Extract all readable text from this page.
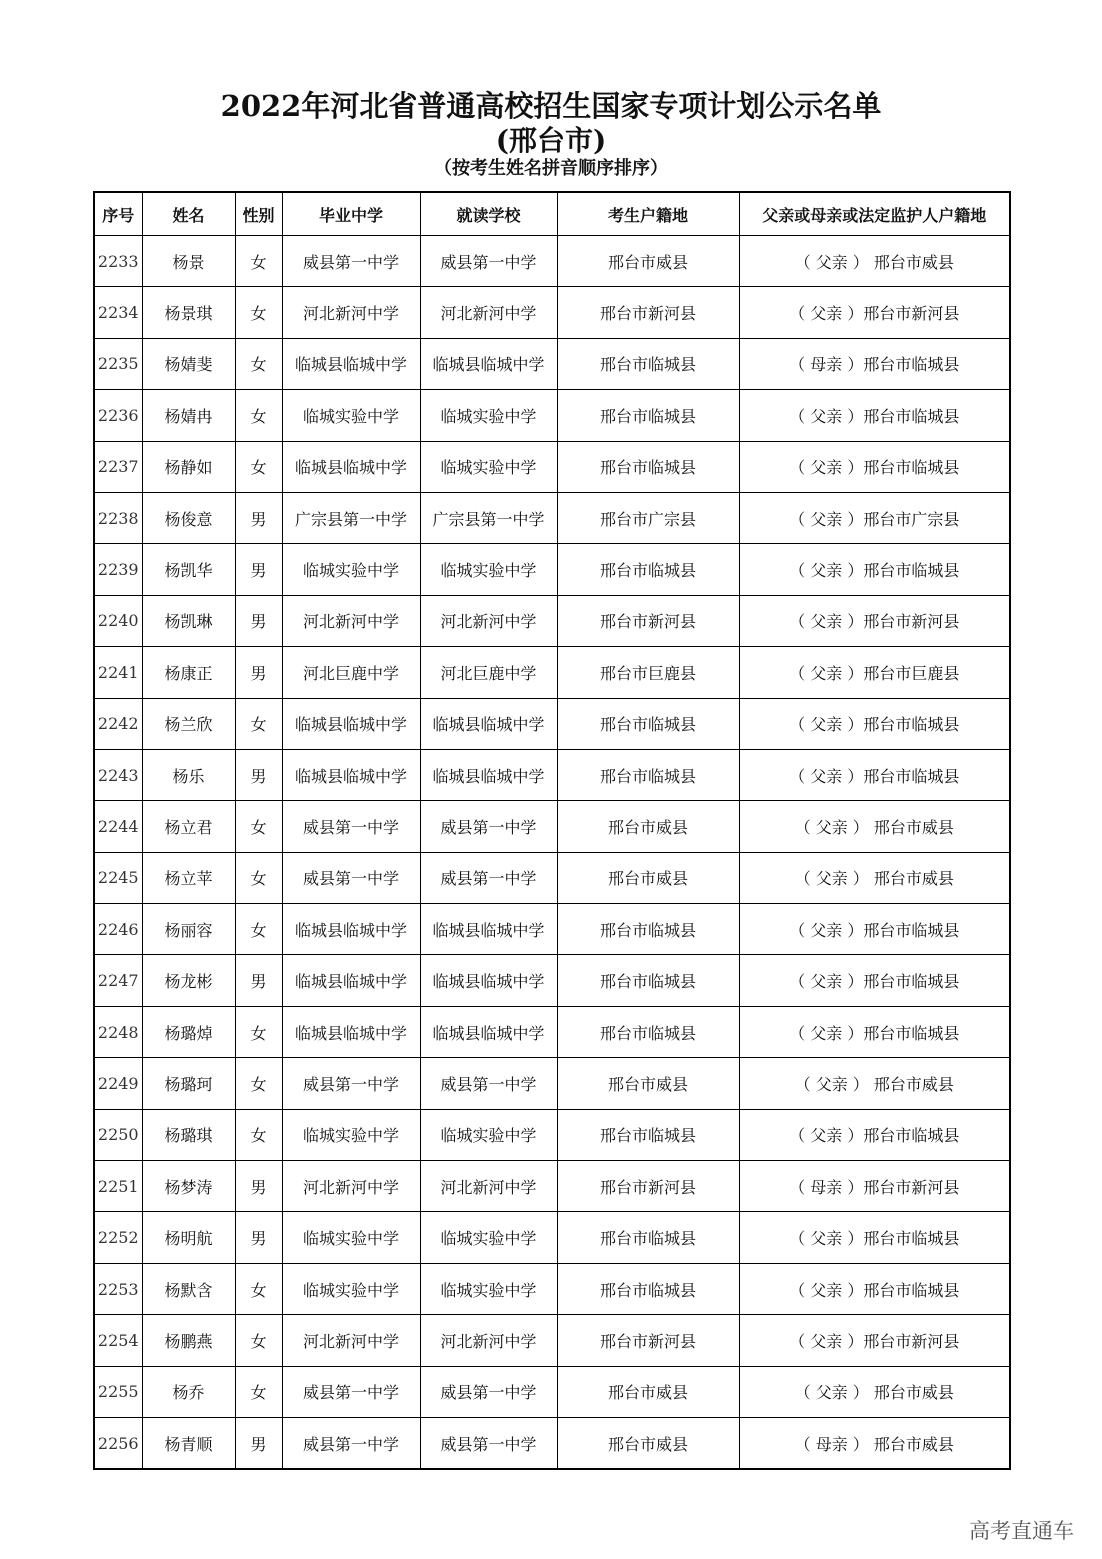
2022年河北省普通高校招生国家专项计划公示名单
(邢台市)
（按考生姓名拼音顺序排序）
序号	姓名	性别	毕业中学	就读学校	考生户籍地	父亲或母亲或法定监护人户籍地
2233	杨景	女	威县第一中学	威县第一中学	邢台市威县	（ 父亲 ） 邢台市威县
2234	杨景琪	女	河北新河中学	河北新河中学	邢台市新河县	（ 父亲 ）邢台市新河县
2235	杨婧斐	女	临城县临城中学	临城县临城中学	邢台市临城县	（ 母亲 ）邢台市临城县
2236	杨婧冉	女	临城实验中学	临城实验中学	邢台市临城县	（ 父亲 ）邢台市临城县
2237	杨静如	女	临城县临城中学	临城实验中学	邢台市临城县	（ 父亲 ）邢台市临城县
2238	杨俊意	男	广宗县第一中学	广宗县第一中学	邢台市广宗县	（ 父亲 ）邢台市广宗县
2239	杨凯华	男	临城实验中学	临城实验中学	邢台市临城县	（ 父亲 ）邢台市临城县
2240	杨凯琳	男	河北新河中学	河北新河中学	邢台市新河县	（ 父亲 ）邢台市新河县
2241	杨康正	男	河北巨鹿中学	河北巨鹿中学	邢台市巨鹿县	（ 父亲 ）邢台市巨鹿县
2242	杨兰欣	女	临城县临城中学	临城县临城中学	邢台市临城县	（ 父亲 ）邢台市临城县
2243	杨乐	男	临城县临城中学	临城县临城中学	邢台市临城县	（ 父亲 ）邢台市临城县
2244	杨立君	女	威县第一中学	威县第一中学	邢台市威县	（ 父亲 ） 邢台市威县
2245	杨立苹	女	威县第一中学	威县第一中学	邢台市威县	（ 父亲 ） 邢台市威县
2246	杨丽容	女	临城县临城中学	临城县临城中学	邢台市临城县	（ 父亲 ）邢台市临城县
2247	杨龙彬	男	临城县临城中学	临城县临城中学	邢台市临城县	（ 父亲 ）邢台市临城县
2248	杨璐焯	女	临城县临城中学	临城县临城中学	邢台市临城县	（ 父亲 ）邢台市临城县
2249	杨璐珂	女	威县第一中学	威县第一中学	邢台市威县	（ 父亲 ） 邢台市威县
2250	杨璐琪	女	临城实验中学	临城实验中学	邢台市临城县	（ 父亲 ）邢台市临城县
2251	杨梦涛	男	河北新河中学	河北新河中学	邢台市新河县	（ 母亲 ）邢台市新河县
2252	杨明航	男	临城实验中学	临城实验中学	邢台市临城县	（ 父亲 ）邢台市临城县
2253	杨默含	女	临城实验中学	临城实验中学	邢台市临城县	（ 父亲 ）邢台市临城县
2254	杨鹏燕	女	河北新河中学	河北新河中学	邢台市新河县	（ 父亲 ）邢台市新河县
2255	杨乔	女	威县第一中学	威县第一中学	邢台市威县	（ 父亲 ） 邢台市威县
2256	杨青顺	男	威县第一中学	威县第一中学	邢台市威县	（ 母亲 ） 邢台市威县
高考直通车
